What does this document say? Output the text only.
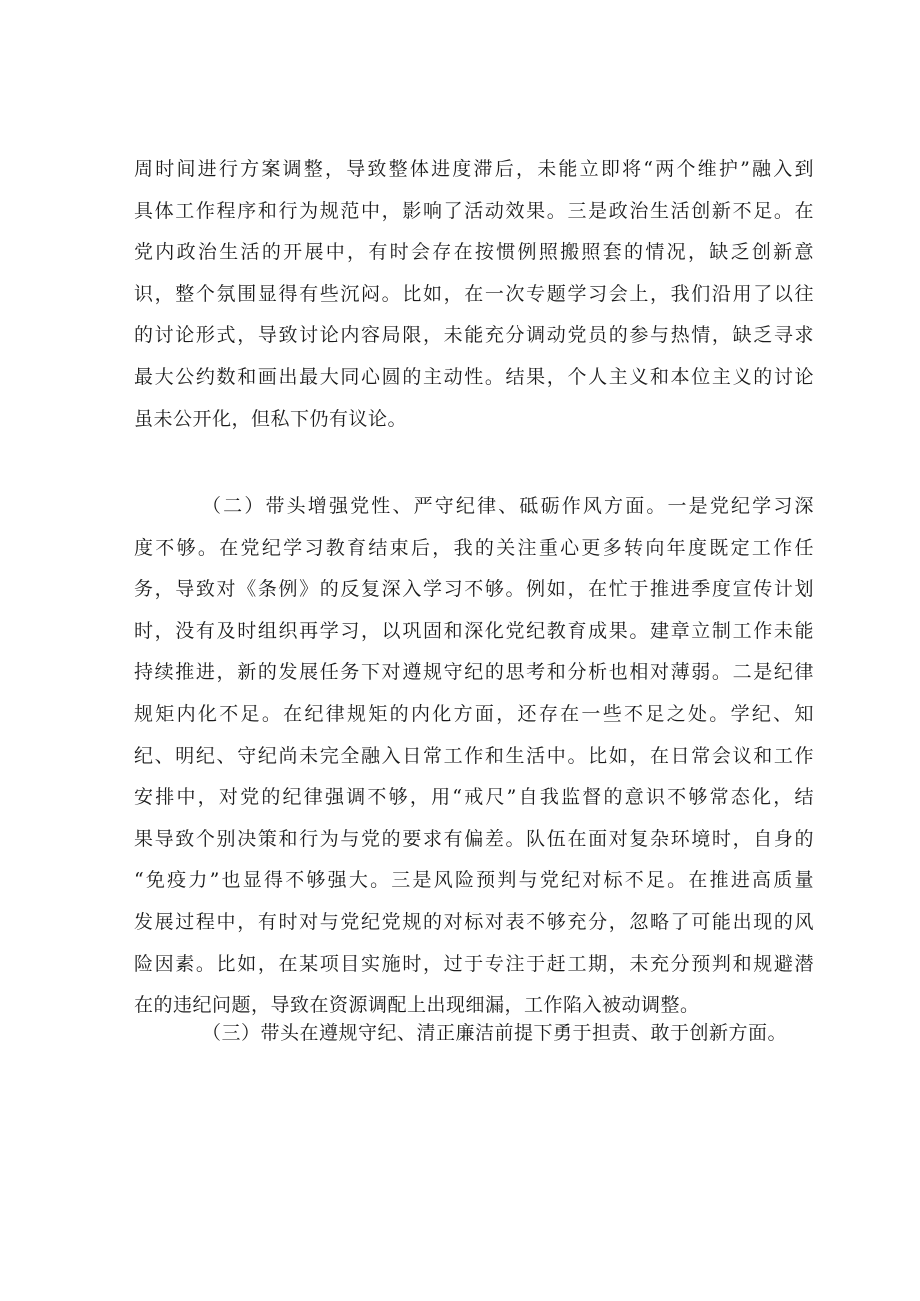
周时间进行方案调整，导致整体进度滞后，未能立即将“两个维护”融入到
具体工作程序和行为规范中，影响了活动效果。三是政治生活创新不足。在
党内政治生活的开展中，有时会存在按惯例照搬照套的情况，缺乏创新意
识，整个氛围显得有些沉闷。比如，在一次专题学习会上，我们沿用了以往
的讨论形式，导致讨论内容局限，未能充分调动党员的参与热情，缺乏寻求
最大公约数和画出最大同心圆的主动性。结果，个人主义和本位主义的讨论
虽未公开化，但私下仍有议论。
（二）带头增强党性、严守纪律、砥砺作风方面。一是党纪学习深
度不够。在党纪学习教育结束后，我的关注重心更多转向年度既定工作任
务，导致对《条例》的反复深入学习不够。例如，在忙于推进季度宣传计划
时，没有及时组织再学习，以巩固和深化党纪教育成果。建章立制工作未能
持续推进，新的发展任务下对遵规守纪的思考和分析也相对薄弱。二是纪律
规矩内化不足。在纪律规矩的内化方面，还存在一些不足之处。学纪、知
纪、明纪、守纪尚未完全融入日常工作和生活中。比如，在日常会议和工作
安排中，对党的纪律强调不够，用“戒尺”自我监督的意识不够常态化，结
果导致个别决策和行为与党的要求有偏差。队伍在面对复杂环境时，自身的
“免疫力”也显得不够强大。三是风险预判与党纪对标不足。在推进高质量
发展过程中，有时对与党纪党规的对标对表不够充分，忽略了可能出现的风
险因素。比如，在某项目实施时，过于专注于赶工期，未充分预判和规避潜
在的违纪问题，导致在资源调配上出现细漏，工作陷入被动调整。
（三）带头在遵规守纪、清正廉洁前提下勇于担责、敢于创新方面。
